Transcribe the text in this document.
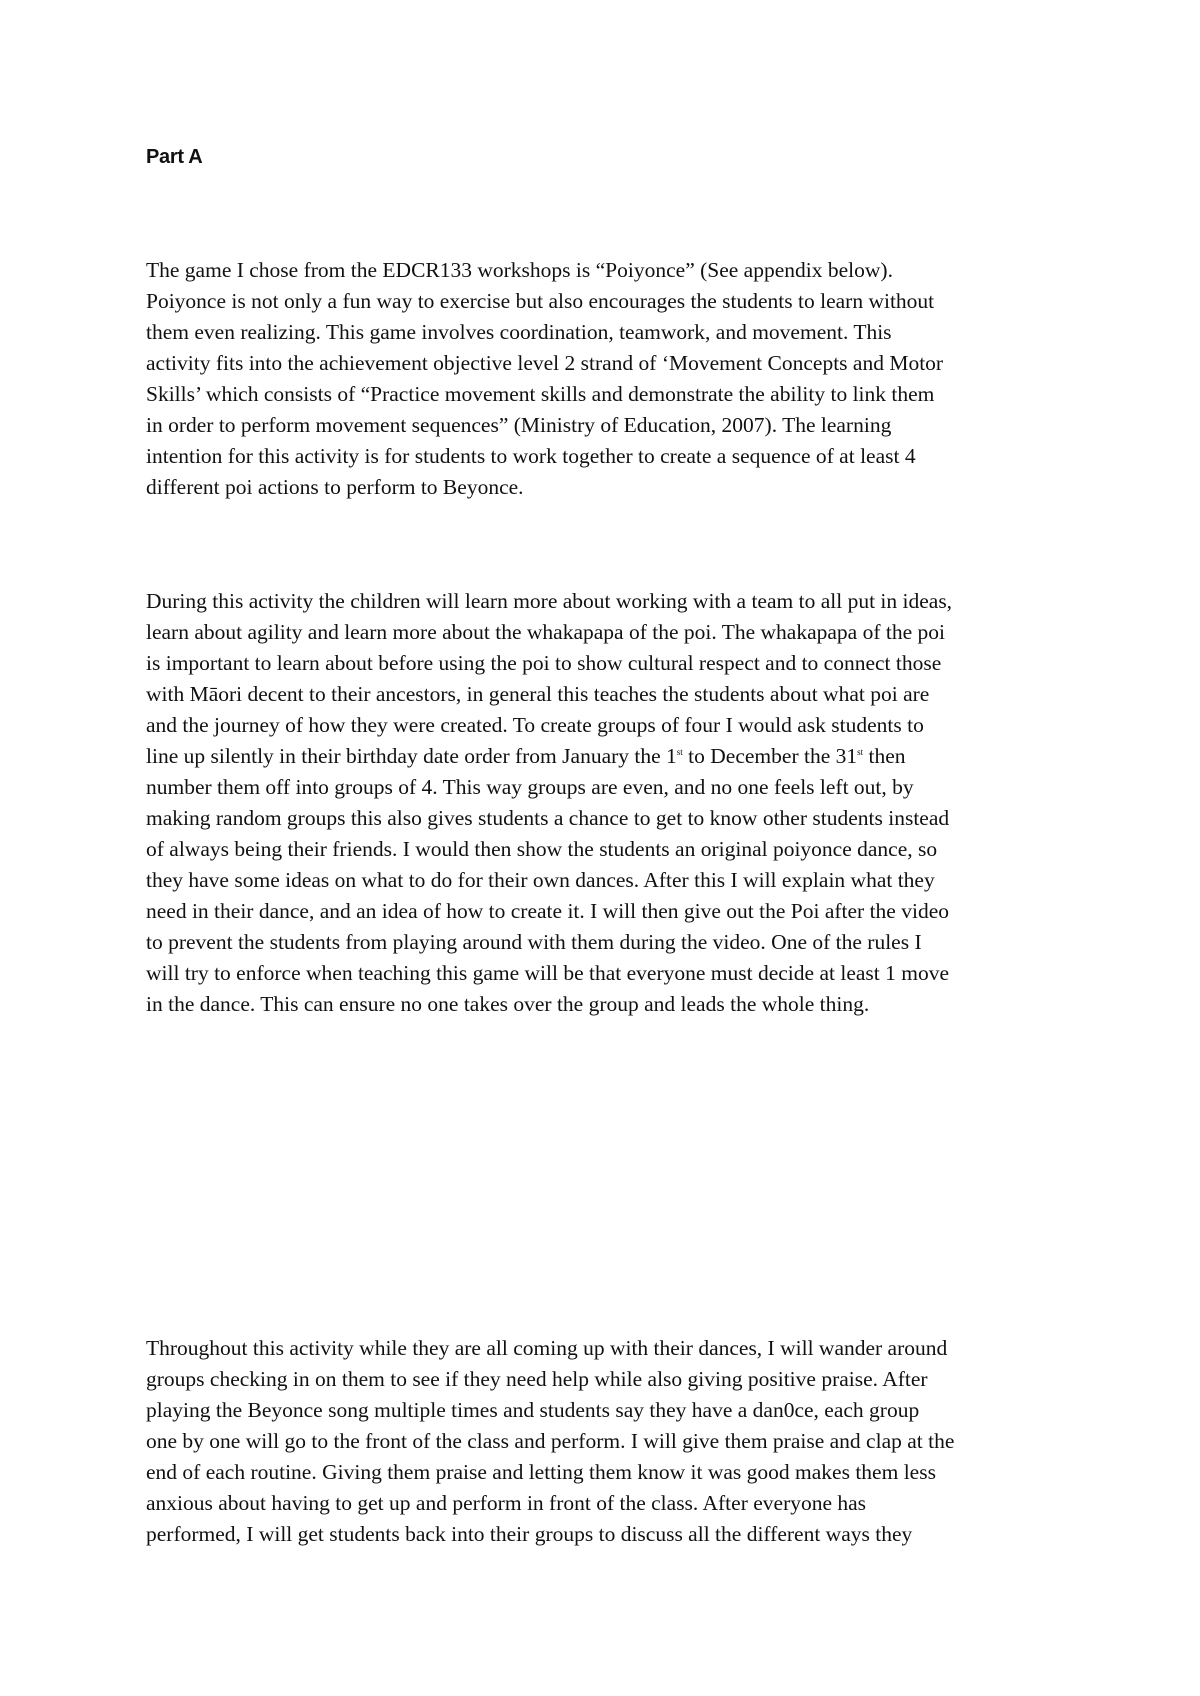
Part A

The game I chose from the EDCR133 workshops is “Poiyonce” (See appendix below).
Poiyonce is not only a fun way to exercise but also encourages the students to learn without
them even realizing. This game involves coordination, teamwork, and movement. This
activity fits into the achievement objective level 2 strand of ‘Movement Concepts and Motor
Skills’ which consists of “Practice movement skills and demonstrate the ability to link them
in order to perform movement sequences” (Ministry of Education, 2007). The learning
intention for this activity is for students to work together to create a sequence of at least 4
different poi actions to perform to Beyonce.

During this activity the children will learn more about working with a team to all put in ideas,
learn about agility and learn more about the whakapapa of the poi. The whakapapa of the poi
is important to learn about before using the poi to show cultural respect and to connect those
with Māori decent to their ancestors, in general this teaches the students about what poi are
and the journey of how they were created. To create groups of four I would ask students to
line up silently in their birthday date order from January the 1st to December the 31st then
number them off into groups of 4. This way groups are even, and no one feels left out, by
making random groups this also gives students a chance to get to know other students instead
of always being their friends. I would then show the students an original poiyonce dance, so
they have some ideas on what to do for their own dances. After this I will explain what they
need in their dance, and an idea of how to create it. I will then give out the Poi after the video
to prevent the students from playing around with them during the video. One of the rules I
will try to enforce when teaching this game will be that everyone must decide at least 1 move
in the dance. This can ensure no one takes over the group and leads the whole thing.

Throughout this activity while they are all coming up with their dances, I will wander around
groups checking in on them to see if they need help while also giving positive praise. After
playing the Beyonce song multiple times and students say they have a dan0ce, each group
one by one will go to the front of the class and perform. I will give them praise and clap at the
end of each routine. Giving them praise and letting them know it was good makes them less
anxious about having to get up and perform in front of the class. After everyone has
performed, I will get students back into their groups to discuss all the different ways they
